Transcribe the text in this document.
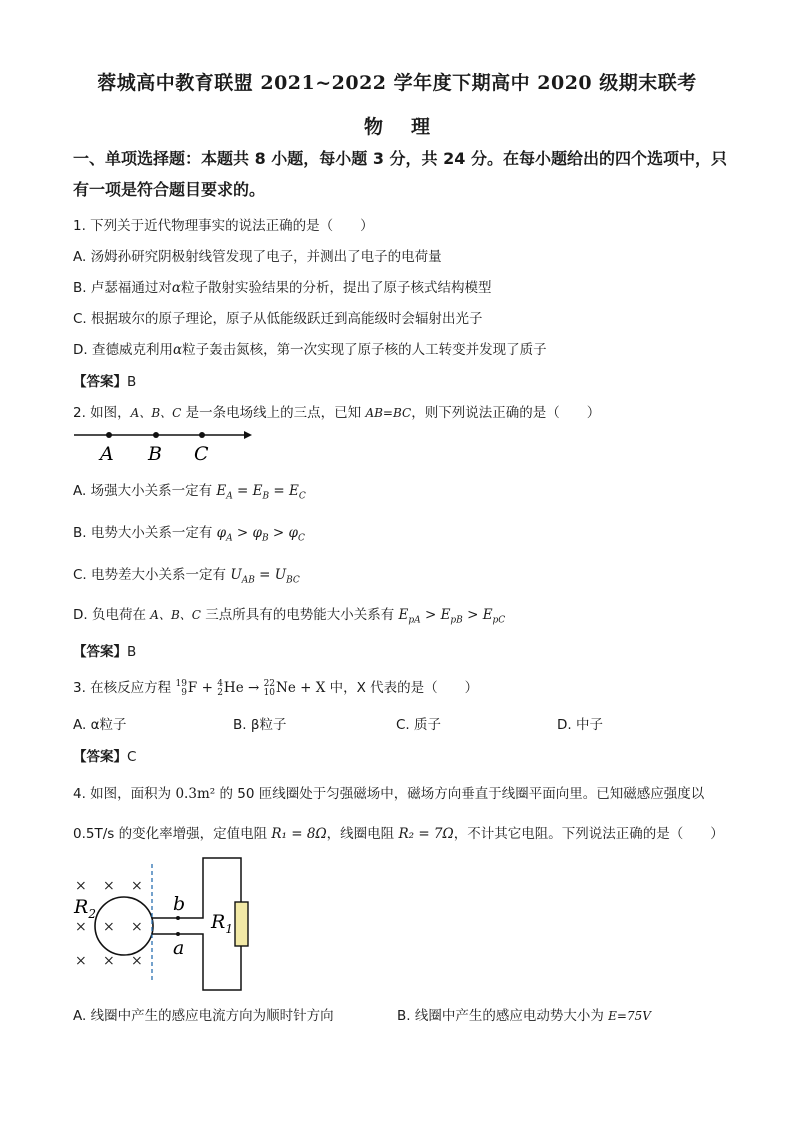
蓉城高中教育联盟 2021~2022 学年度下期高中 2020 级期末联考
物 理
一、单项选择题：本题共 8 小题，每小题 3 分，共 24 分。在每小题给出的四个选项中，只有一项是符合题目要求的。
1. 下列关于近代物理事实的说法正确的是（　　）
A. 汤姆孙研究阴极射线管发现了电子，并测出了电子的电荷量
B. 卢瑟福通过对α粒子散射实验结果的分析，提出了原子核式结构模型
C. 根据玻尔的原子理论，原子从低能级跃迁到高能级时会辐射出光子
D. 查德威克利用α粒子轰击氮核，第一次实现了原子核的人工转变并发现了质子
【答案】B
2. 如图，A、B、C 是一条电场线上的三点，已知 AB=BC，则下列说法正确的是（　　）
A B C
A. 场强大小关系一定有 $E_A = E_B = E_C$
B. 电势大小关系一定有 $\varphi_A > \varphi_B > \varphi_C$
C. 电势差大小关系一定有 $U_{AB} = U_{BC}$
D. 负电荷在 A、B、C 三点所具有的电势能大小关系有 $E_{pA} > E_{pB} > E_{pC}$
【答案】B
3. 在核反应方程 19
9 F + 4
2 He → 22
10 Ne + X 中，X 代表的是（　　）
A. α粒子	B. β粒子	C. 质子	D. 中子
【答案】C
4. 如图，面积为 0.3m² 的 50 匝线圈处于匀强磁场中，磁场方向垂直于线圈平面向里。已知磁感应强度以
0.5T/s 的变化率增强，定值电阻 R₁ = 8Ω，线圈电阻 R₂ = 7Ω，不计其它电阻。下列说法正确的是（　　）
× × ×
× ×
×
× × ×
$R_2$	$R_1$
b
a
A. 线圈中产生的感应电流方向为顺时针方向	B. 线圈中产生的感应电动势大小为 E=75V
